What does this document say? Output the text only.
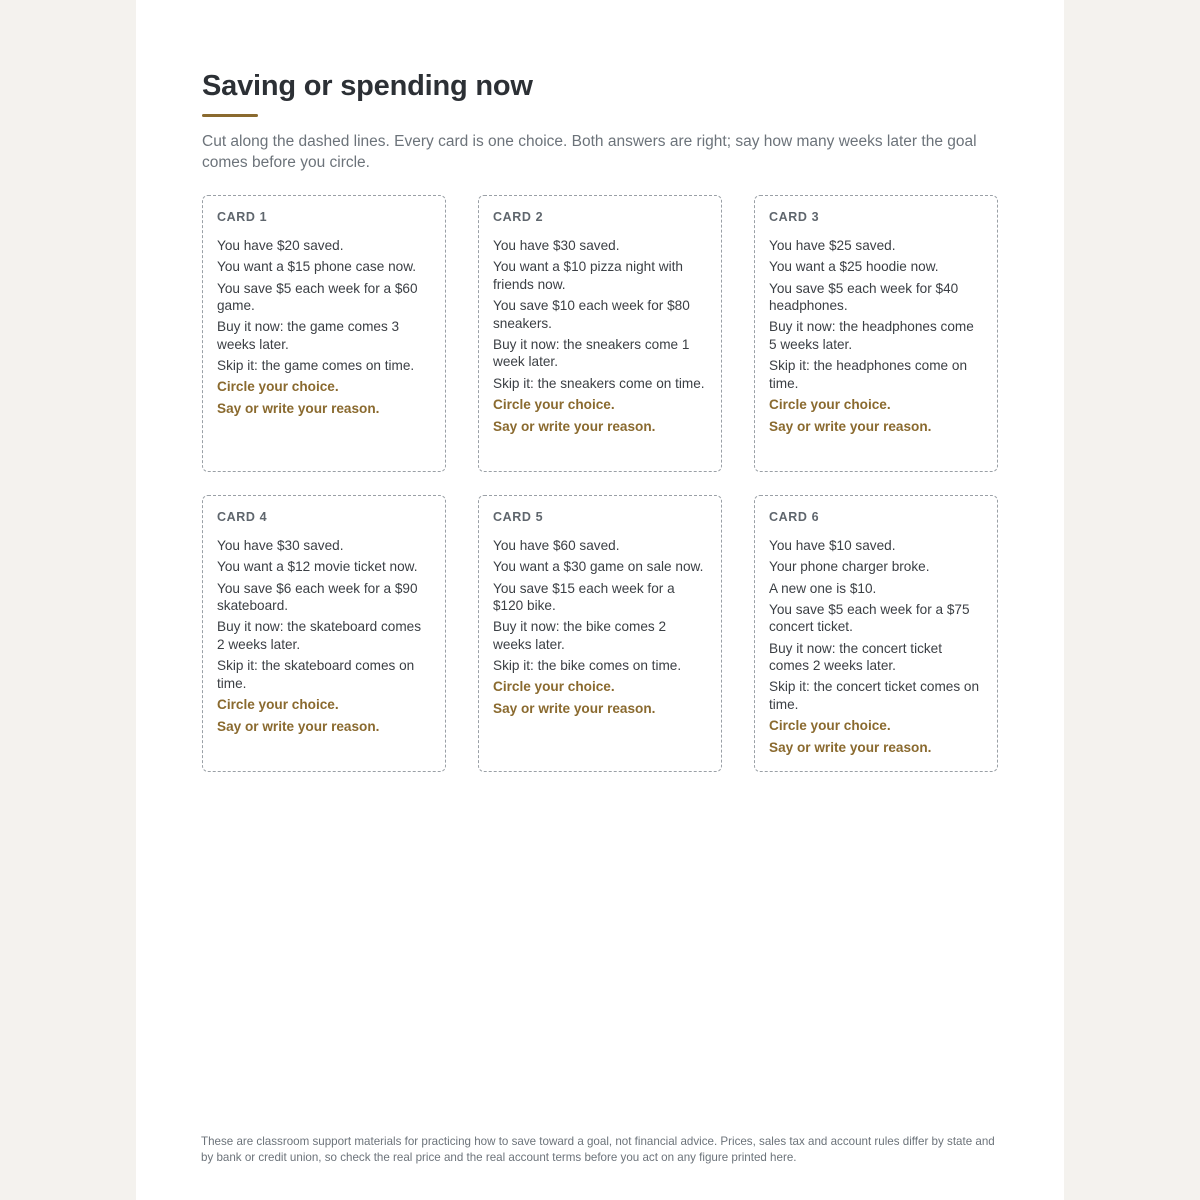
Saving or spending now

Cut along the dashed lines. Every card is one choice. Both answers are right; say how many weeks later the goal comes before you circle.

CARD 1
You have $20 saved.
You want a $15 phone case now.
You save $5 each week for a $60 game.
Buy it now: the game comes 3 weeks later.
Skip it: the game comes on time.
Circle your choice.
Say or write your reason.
CARD 2
You have $30 saved.
You want a $10 pizza night with friends now.
You save $10 each week for $80 sneakers.
Buy it now: the sneakers come 1 week later.
Skip it: the sneakers come on time.
Circle your choice.
Say or write your reason.
CARD 3
You have $25 saved.
You want a $25 hoodie now.
You save $5 each week for $40 headphones.
Buy it now: the headphones come 5 weeks later.
Skip it: the headphones come on time.
Circle your choice.
Say or write your reason.
CARD 4
You have $30 saved.
You want a $12 movie ticket now.
You save $6 each week for a $90 skateboard.
Buy it now: the skateboard comes 2 weeks later.
Skip it: the skateboard comes on time.
Circle your choice.
Say or write your reason.
CARD 5
You have $60 saved.
You want a $30 game on sale now.
You save $15 each week for a $120 bike.
Buy it now: the bike comes 2 weeks later.
Skip it: the bike comes on time.
Circle your choice.
Say or write your reason.
CARD 6
You have $10 saved.
Your phone charger broke.
A new one is $10.
You save $5 each week for a $75 concert ticket.
Buy it now: the concert ticket comes 2 weeks later.
Skip it: the concert ticket comes on time.
Circle your choice.
Say or write your reason.

These are classroom support materials for practicing how to save toward a goal, not financial advice. Prices, sales tax and account rules differ by state and by bank or credit union, so check the real price and the real account terms before you act on any figure printed here.
